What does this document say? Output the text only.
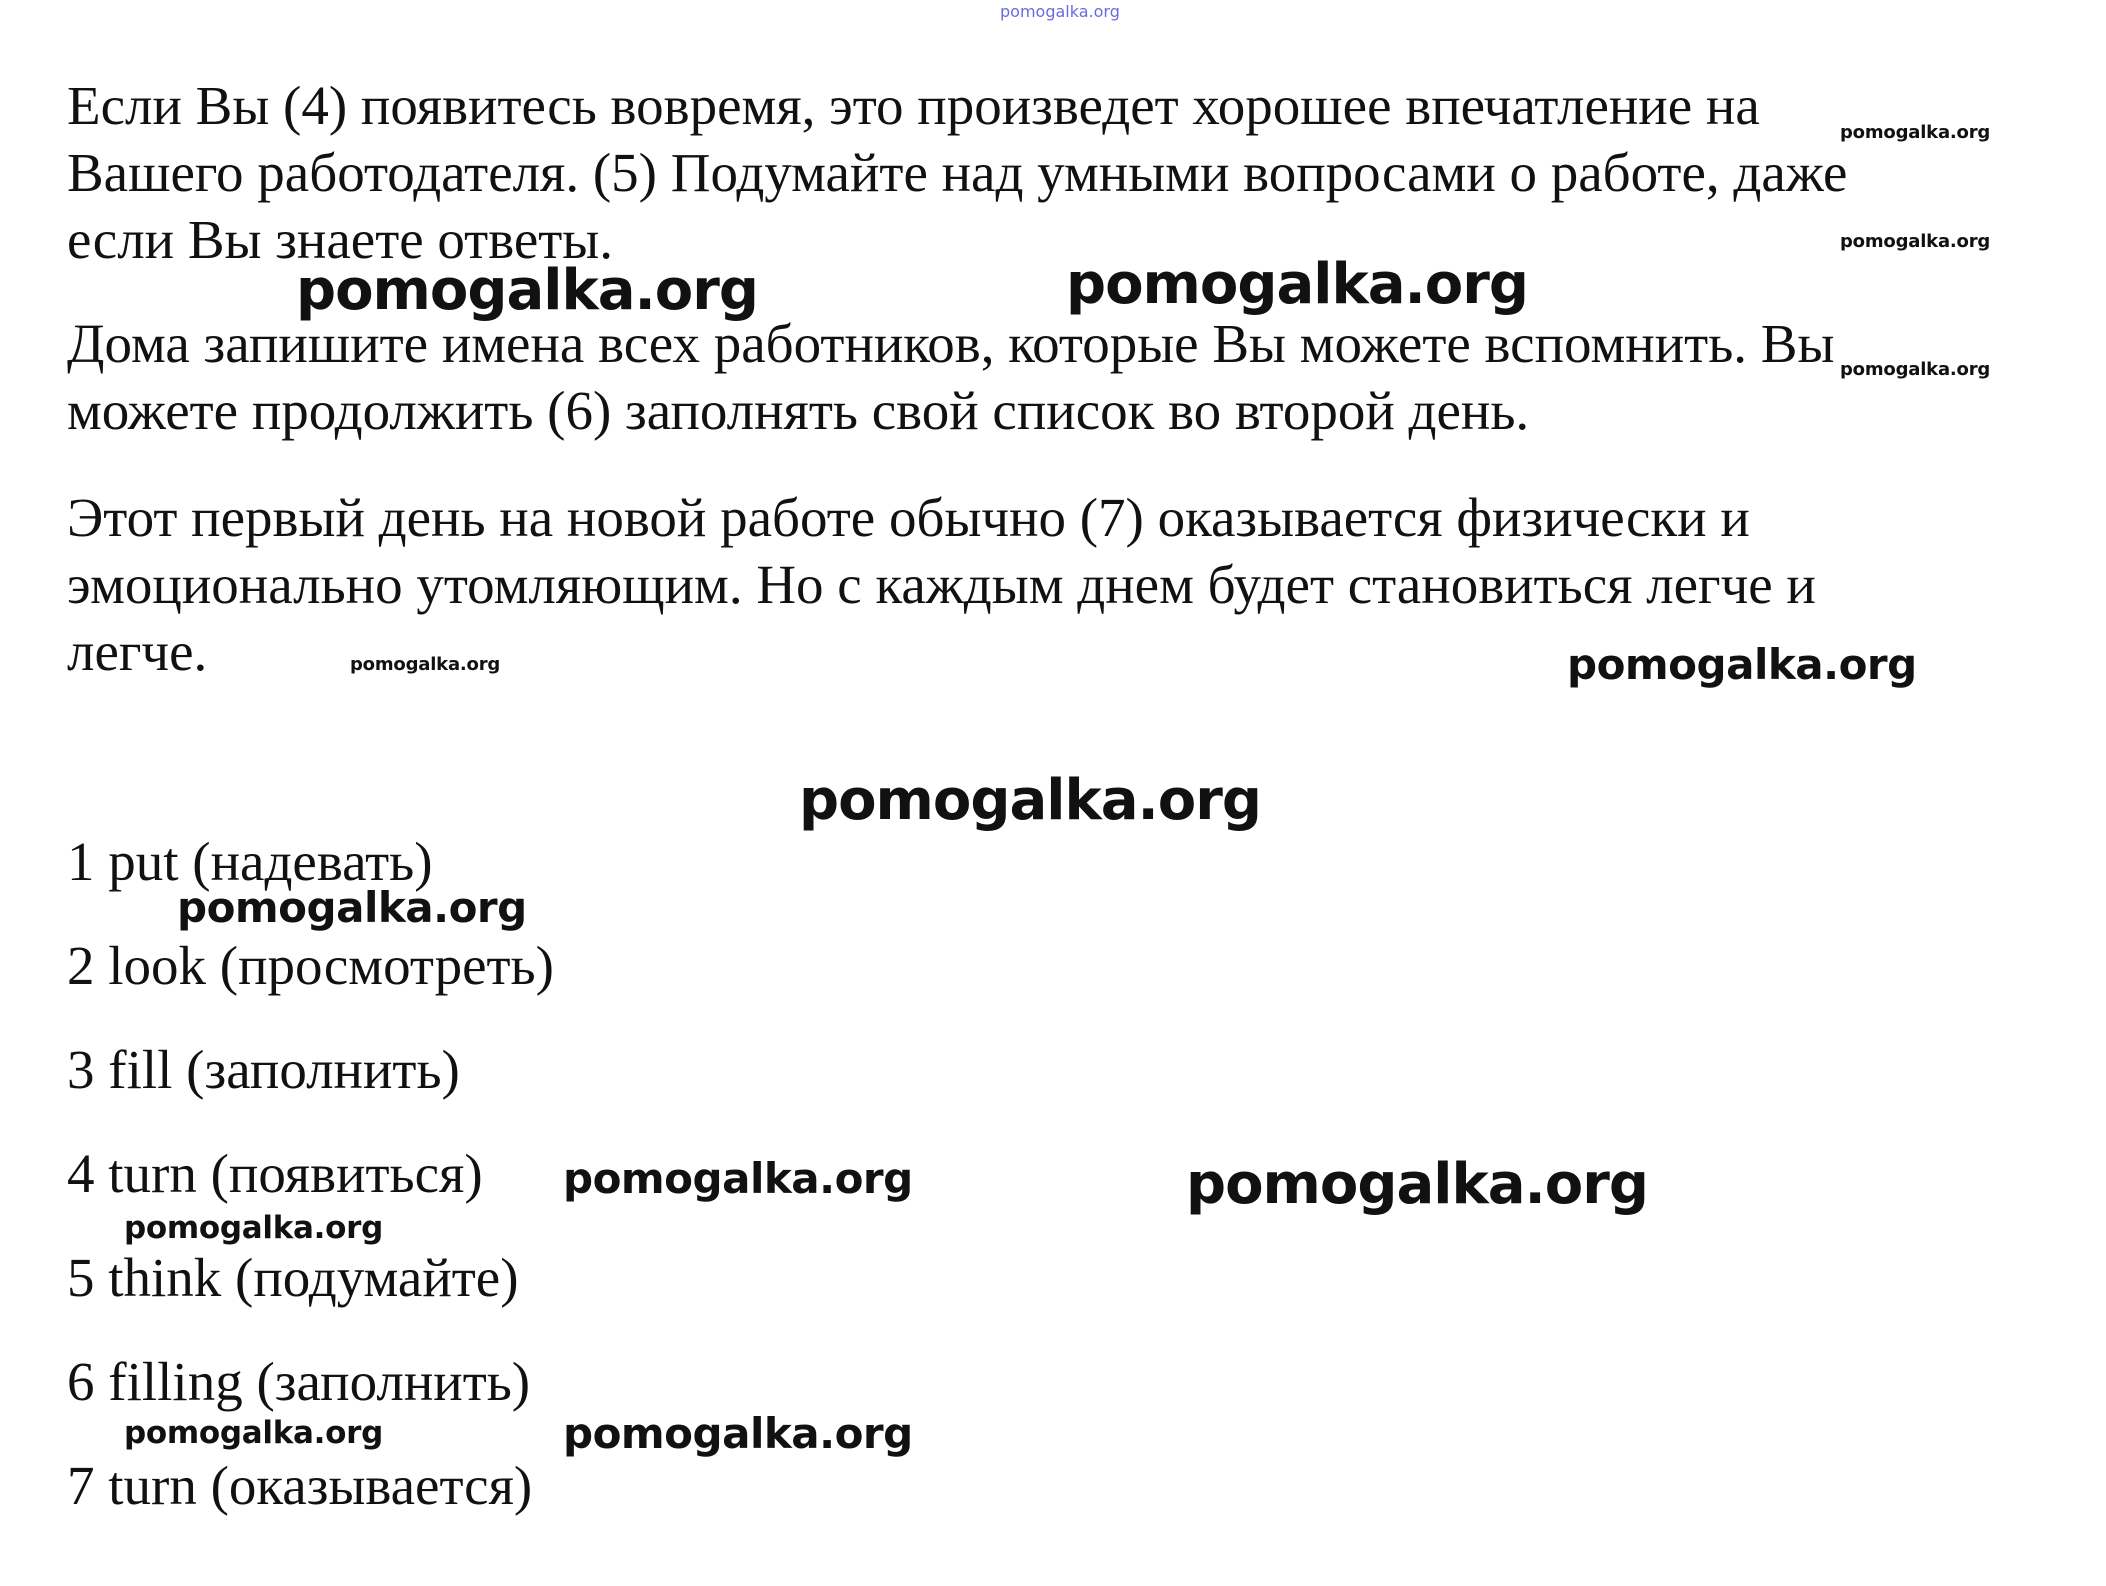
pomogalka.org
Если Вы (4) появитесь вовремя, это произведет хорошее впечатление на
Вашего работодателя. (5) Подумайте над умными вопросами о работе, даже
если Вы знаете ответы.
Дома запишите имена всех работников, которые Вы можете вспомнить. Вы
можете продолжить (6) заполнять свой список во второй день.
Этот первый день на новой работе обычно (7) оказывается физически и
эмоционально утомляющим. Но с каждым днем будет становиться легче и
легче.
1 put (надевать)
2 look (просмотреть)
3 fill (заполнить)
4 turn (появиться)
5 think (подумайте)
6 filling (заполнить)
7 turn (оказывается)
pomogalka.org
pomogalka.org
pomogalka.org	pomogalka.org
pomogalka.org
pomogalka.org	pomogalka.org
pomogalka.org
pomogalka.org
pomogalka.org	pomogalka.org
pomogalka.org
pomogalka.org	pomogalka.org
